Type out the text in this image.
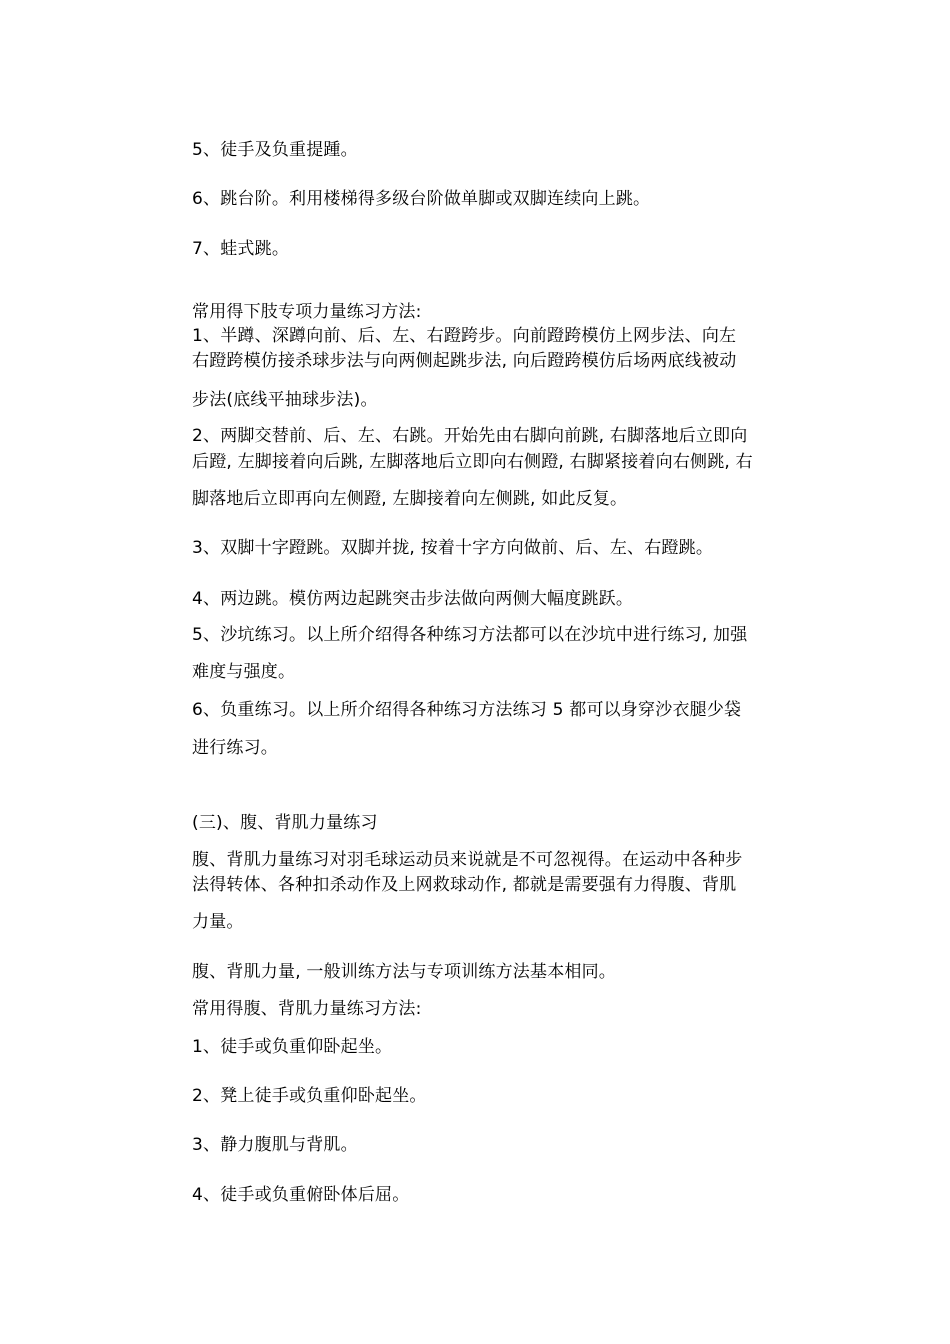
5、徒手及负重提踵。
6、跳台阶。利用楼梯得多级台阶做单脚或双脚连续向上跳。
7、蛙式跳。
常用得下肢专项力量练习方法:
1、半蹲、深蹲向前、后、左、右蹬跨步。向前蹬跨模仿上网步法、向左
右蹬跨模仿接杀球步法与向两侧起跳步法, 向后蹬跨模仿后场两底线被动
步法(底线平抽球步法)。
2、两脚交替前、后、左、右跳。开始先由右脚向前跳, 右脚落地后立即向
后蹬, 左脚接着向后跳, 左脚落地后立即向右侧蹬, 右脚紧接着向右侧跳, 右
脚落地后立即再向左侧蹬, 左脚接着向左侧跳, 如此反复。
3、双脚十字蹬跳。双脚并拢, 按着十字方向做前、后、左、右蹬跳。
4、两边跳。模仿两边起跳突击步法做向两侧大幅度跳跃。
5、沙坑练习。以上所介绍得各种练习方法都可以在沙坑中进行练习, 加强
难度与强度。
6、负重练习。以上所介绍得各种练习方法练习 5 都可以身穿沙衣腿少袋
进行练习。
(三)、腹、背肌力量练习
腹、背肌力量练习对羽毛球运动员来说就是不可忽视得。在运动中各种步
法得转体、各种扣杀动作及上网救球动作, 都就是需要强有力得腹、背肌
力量。
腹、背肌力量, 一般训练方法与专项训练方法基本相同。
常用得腹、背肌力量练习方法:
1、徒手或负重仰卧起坐。
2、凳上徒手或负重仰卧起坐。
3、静力腹肌与背肌。
4、徒手或负重俯卧体后屈。
